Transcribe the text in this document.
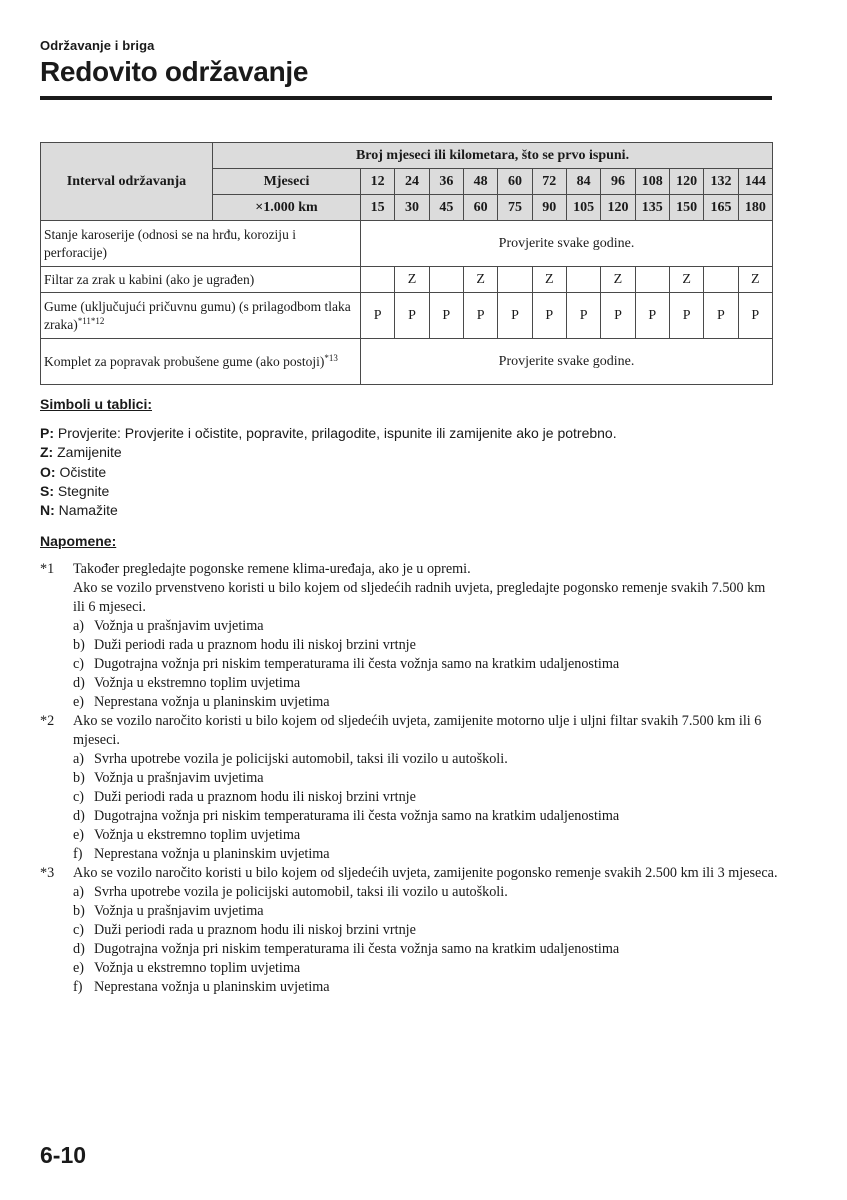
Održavanje i briga
Redovito održavanje
Interval održavanja	Broj mjeseci ili kilometara, što se prvo ispuni.												
	Mjeseci	12	24	36	48	60	72	84	96	108	120	132	144
	×1.000 km	15	30	45	60	75	90	105	120	135	150	165	180
Stanje karoserije (odnosi se na hrđu, koroziju i perforacije)		Provjerite svake godine.											
Filtar za zrak u kabini (ako je ugrađen)			Z		Z		Z		Z		Z		Z
Gume (uključujući pričuvnu gumu) (s prilagodbom tlaka zraka)$^{*11*12}$		P	P	P	P	P	P	P	P	P	P	P	P
Komplet za popravak probušene gume (ako postoji)$^{*13}$		Provjerite svake godine.											
Simboli u tablici:
P: Provjerite: Provjerite i očistite, popravite, prilagodite, ispunite ili zamijenite ako je potrebno.
Z: Zamijenite
O: Očistite
S: Stegnite
N: Namažite
Napomene:
*1 Također pregledajte pogonske remene klima-uređaja, ako je u opremi.
Ako se vozilo prvenstveno koristi u bilo kojem od sljedećih radnih uvjeta, pregledajte pogonsko remenje svakih 7.500 km ili 6 mjeseci.
a) Vožnja u prašnjavim uvjetima
b) Duži periodi rada u praznom hodu ili niskoj brzini vrtnje
c) Dugotrajna vožnja pri niskim temperaturama ili česta vožnja samo na kratkim udaljenostima
d) Vožnja u ekstremno toplim uvjetima
e) Neprestana vožnja u planinskim uvjetima
*2 Ako se vozilo naročito koristi u bilo kojem od sljedećih uvjeta, zamijenite motorno ulje i uljni filtar svakih 7.500 km ili 6 mjeseci.
a) Svrha upotrebe vozila je policijski automobil, taksi ili vozilo u autoškoli.
b) Vožnja u prašnjavim uvjetima
c) Duži periodi rada u praznom hodu ili niskoj brzini vrtnje
d) Dugotrajna vožnja pri niskim temperaturama ili česta vožnja samo na kratkim udaljenostima
e) Vožnja u ekstremno toplim uvjetima
f) Neprestana vožnja u planinskim uvjetima
*3 Ako se vozilo naročito koristi u bilo kojem od sljedećih uvjeta, zamijenite pogonsko remenje svakih 2.500 km ili 3 mjeseca.
a) Svrha upotrebe vozila je policijski automobil, taksi ili vozilo u autoškoli.
b) Vožnja u prašnjavim uvjetima
c) Duži periodi rada u praznom hodu ili niskoj brzini vrtnje
d) Dugotrajna vožnja pri niskim temperaturama ili česta vožnja samo na kratkim udaljenostima
e) Vožnja u ekstremno toplim uvjetima
f) Neprestana vožnja u planinskim uvjetima
6-10
